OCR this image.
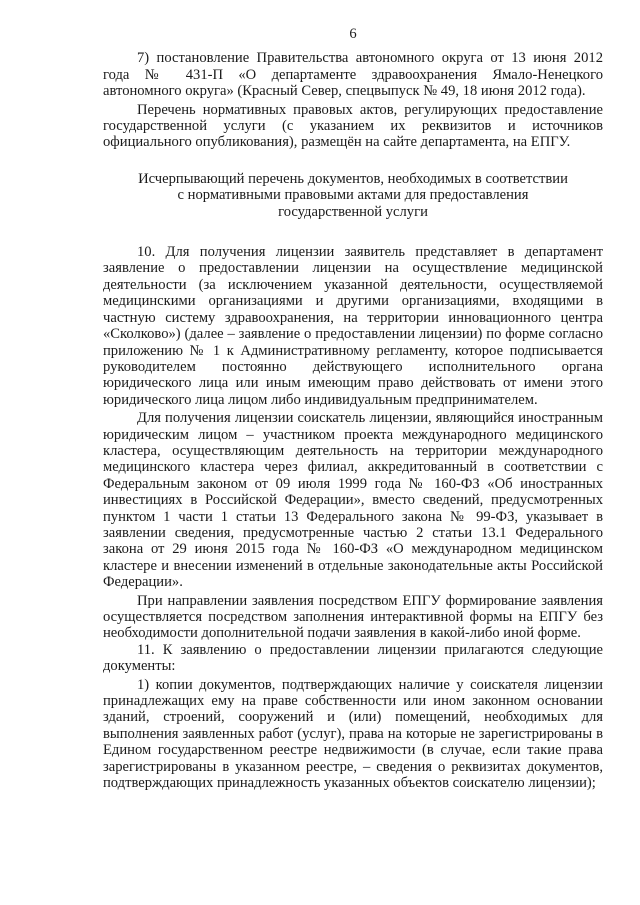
6

7) постановление Правительства автономного округа от 13 июня 2012 года № 431-П «О департаменте здравоохранения Ямало-Ненецкого автономного округа» (Красный Север, спецвыпуск № 49, 18 июня 2012 года).

Перечень нормативных правовых актов, регулирующих предоставление государственной услуги (с указанием их реквизитов и источников официального опубликования), размещён на сайте департамента, на ЕПГУ.

Исчерпывающий перечень документов, необходимых в соответствии
с нормативными правовыми актами для предоставления
государственной услуги

10. Для получения лицензии заявитель представляет в департамент заявление о предоставлении лицензии на осуществление медицинской деятельности (за исключением указанной деятельности, осуществляемой медицинскими организациями и другими организациями, входящими в частную систему здравоохранения, на территории инновационного центра «Сколково») (далее – заявление о предоставлении лицензии) по форме согласно приложению № 1 к Административному регламенту, которое подписывается руководителем постоянно действующего исполнительного органа юридического лица или иным имеющим право действовать от имени этого юридического лица лицом либо индивидуальным предпринимателем.

Для получения лицензии соискатель лицензии, являющийся иностранным юридическим лицом – участником проекта международного медицинского кластера, осуществляющим деятельность на территории международного медицинского кластера через филиал, аккредитованный в соответствии с Федеральным законом от 09 июля 1999 года № 160-ФЗ «Об иностранных инвестициях в Российской Федерации», вместо сведений, предусмотренных пунктом 1 части 1 статьи 13 Федерального закона № 99-ФЗ, указывает в заявлении сведения, предусмотренные частью 2 статьи 13.1 Федерального закона от 29 июня 2015 года № 160-ФЗ «О международном медицинском кластере и внесении изменений в отдельные законодательные акты Российской Федерации».

При направлении заявления посредством ЕПГУ формирование заявления осуществляется посредством заполнения интерактивной формы на ЕПГУ без необходимости дополнительной подачи заявления в какой-либо иной форме.

11. К заявлению о предоставлении лицензии прилагаются следующие документы:

1) копии документов, подтверждающих наличие у соискателя лицензии принадлежащих ему на праве собственности или ином законном основании зданий, строений, сооружений и (или) помещений, необходимых для выполнения заявленных работ (услуг), права на которые не зарегистрированы в Едином государственном реестре недвижимости (в случае, если такие права зарегистрированы в указанном реестре, – сведения о реквизитах документов, подтверждающих принадлежность указанных объектов соискателю лицензии);
